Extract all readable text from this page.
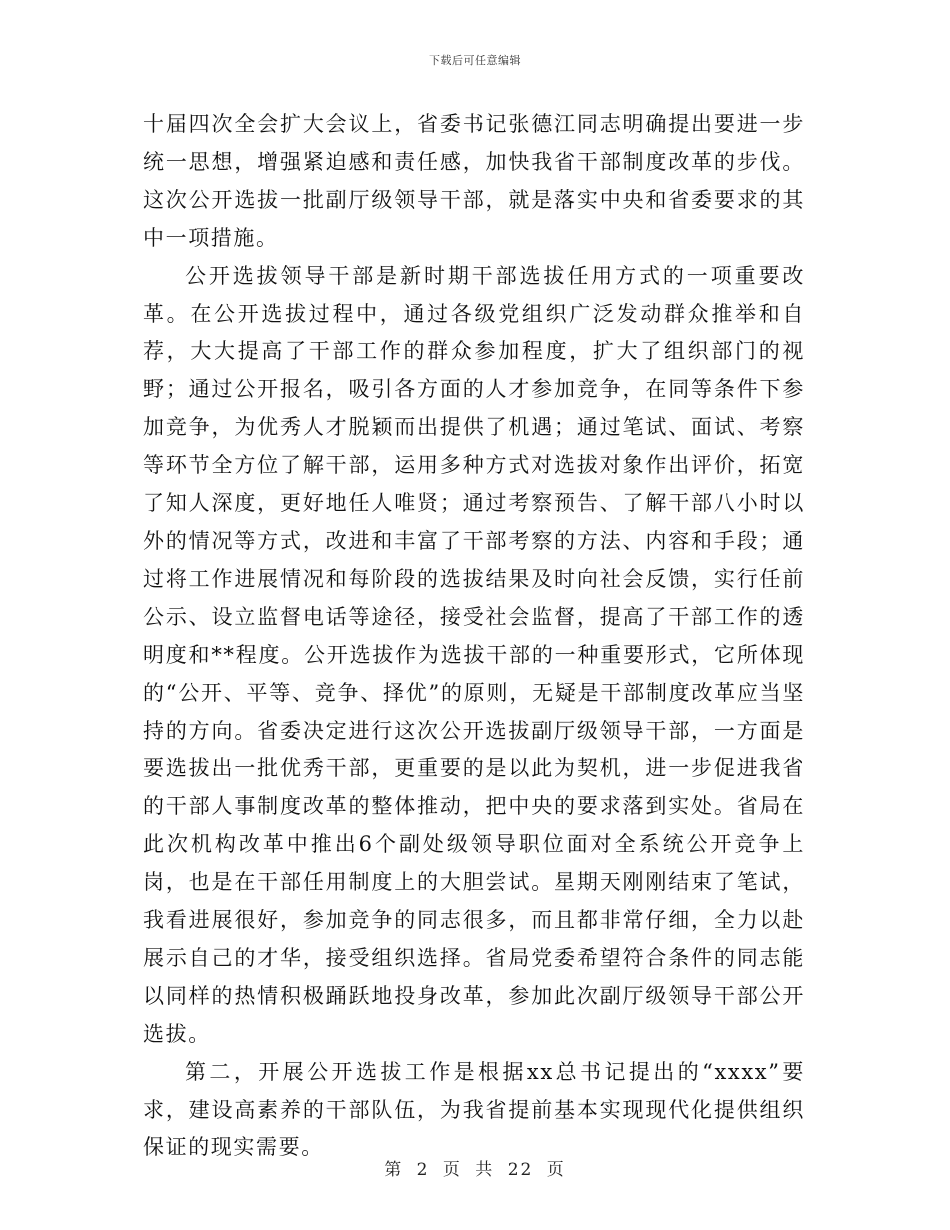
下载后可任意编辑

十届四次全会扩大会议上，省委书记张德江同志明确提出要进一步统一思想，增强紧迫感和责任感，加快我省干部制度改革的步伐。这次公开选拔一批副厅级领导干部，就是落实中央和省委要求的其中一项措施。

公开选拔领导干部是新时期干部选拔任用方式的一项重要改革。在公开选拔过程中，通过各级党组织广泛发动群众推举和自荐，大大提高了干部工作的群众参加程度，扩大了组织部门的视野；通过公开报名，吸引各方面的人才参加竞争，在同等条件下参加竞争，为优秀人才脱颖而出提供了机遇；通过笔试、面试、考察等环节全方位了解干部，运用多种方式对选拔对象作出评价，拓宽了知人深度，更好地任人唯贤；通过考察预告、了解干部八小时以外的情况等方式，改进和丰富了干部考察的方法、内容和手段；通过将工作进展情况和每阶段的选拔结果及时向社会反馈，实行任前公示、设立监督电话等途径，接受社会监督，提高了干部工作的透明度和**程度。公开选拔作为选拔干部的一种重要形式，它所体现的“公开、平等、竞争、择优”的原则，无疑是干部制度改革应当坚持的方向。省委决定进行这次公开选拔副厅级领导干部，一方面是要选拔出一批优秀干部，更重要的是以此为契机，进一步促进我省的干部人事制度改革的整体推动，把中央的要求落到实处。省局在此次机构改革中推出6个副处级领导职位面对全系统公开竞争上岗，也是在干部任用制度上的大胆尝试。星期天刚刚结束了笔试，我看进展很好，参加竞争的同志很多，而且都非常仔细，全力以赴展示自己的才华，接受组织选择。省局党委希望符合条件的同志能以同样的热情积极踊跃地投身改革，参加此次副厅级领导干部公开选拔。

第二，开展公开选拔工作是根据xx总书记提出的“xxxx”要求，建设高素养的干部队伍，为我省提前基本实现现代化提供组织保证的现实需要。

第 2 页 共 22 页
